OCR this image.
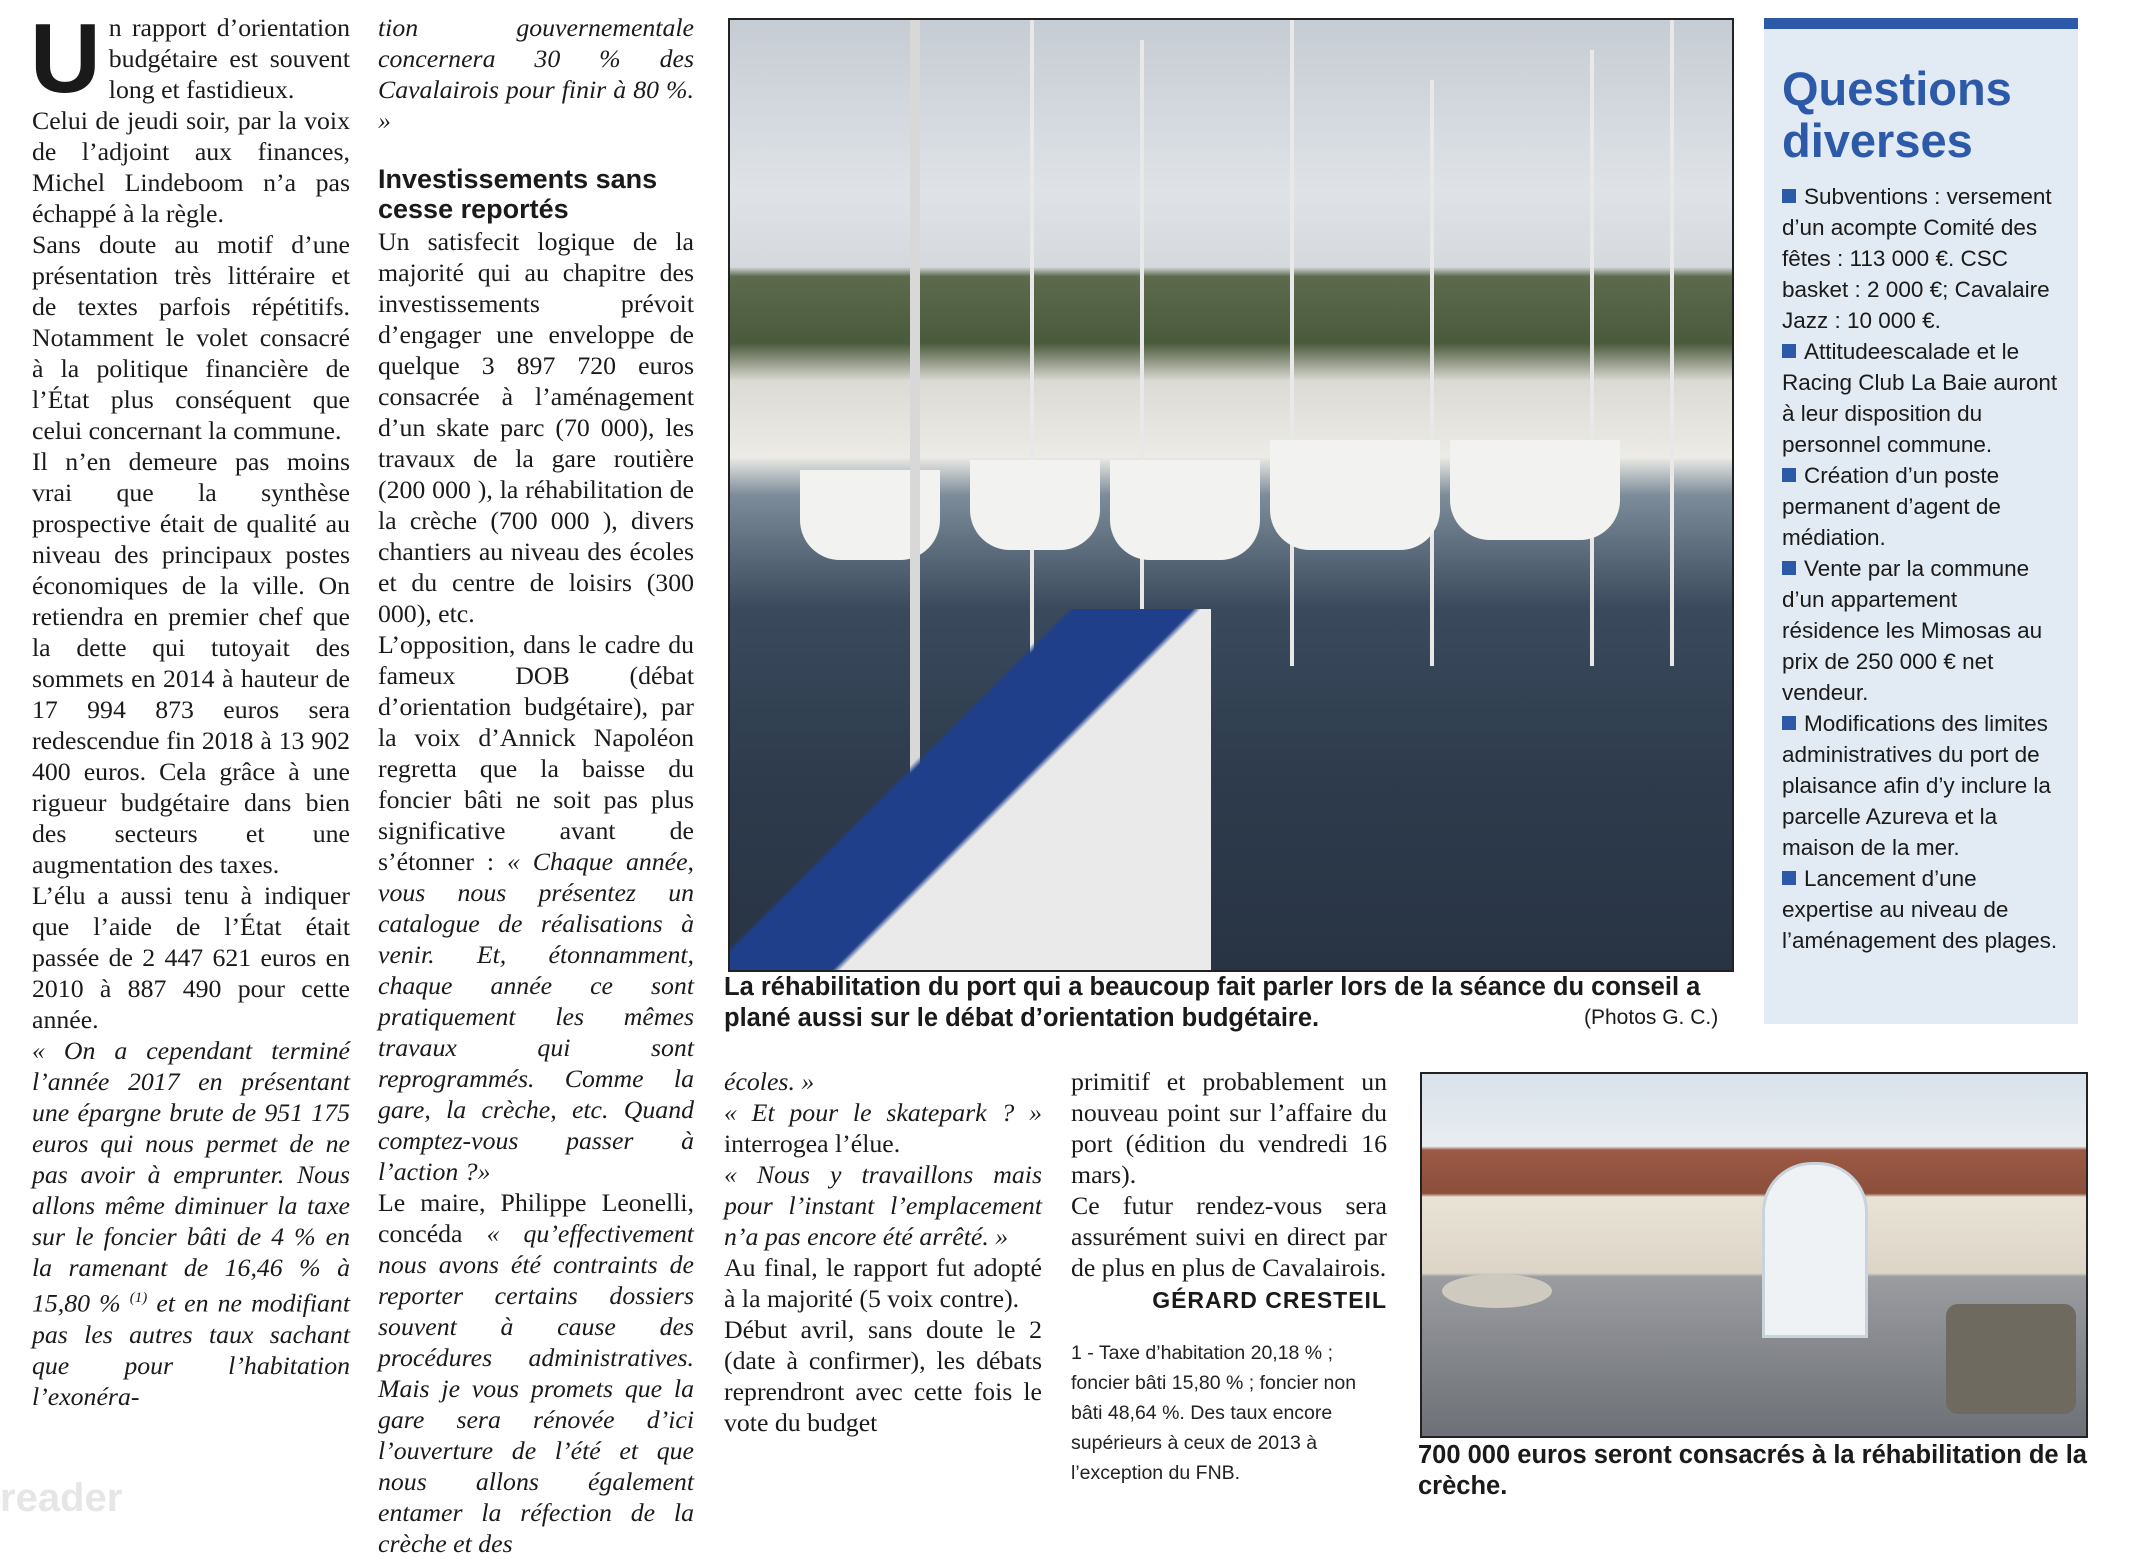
Un rapport d’orientation budgétaire est souvent long et fastidieux.

Celui de jeudi soir, par la voix de l’adjoint aux finances, Michel Lindeboom n’a pas échappé à la règle.

Sans doute au motif d’une présentation très littéraire et de textes parfois répétitifs. Notamment le volet consacré à la politique financière de l’État plus conséquent que celui concernant la commune.

Il n’en demeure pas moins vrai que la synthèse prospective était de qualité au niveau des principaux postes économiques de la ville. On retiendra en premier chef que la dette qui tutoyait des sommets en 2014 à hauteur de 17 994 873 euros sera redescendue fin 2018 à 13 902 400 euros. Cela grâce à une rigueur budgétaire dans bien des secteurs et une augmentation des taxes.

L’élu a aussi tenu à indiquer que l’aide de l’État était passée de 2 447 621 euros en 2010 à 887 490 pour cette année.

« On a cependant terminé l’année 2017 en présentant une épargne brute de 951 175 euros qui nous permet de ne pas avoir à emprunter. Nous allons même diminuer la taxe sur le foncier bâti de 4 % en la ramenant de 16,46 % à 15,80 % $^{(1)}$ et en ne modifiant pas les autres taux sachant que pour l’habitation l’exonéra-

tion gouvernementale concernera 30 % des Cavalairois pour finir à 80 %. »

Investissements sans cesse reportés

Un satisfecit logique de la majorité qui au chapitre des investissements prévoit d’engager une enveloppe de quelque 3 897 720 euros consacrée à l’aménagement d’un skate parc (70 000), les travaux de la gare routière (200 000 ), la réhabilitation de la crèche (700 000 ), divers chantiers au niveau des écoles et du centre de loisirs (300 000), etc.

L’opposition, dans le cadre du fameux DOB (débat d’orientation budgétaire), par la voix d’Annick Napoléon regretta que la baisse du foncier bâti ne soit pas plus significative avant de s’étonner : « Chaque année, vous nous présentez un catalogue de réalisations à venir. Et, étonnamment, chaque année ce sont pratiquement les mêmes travaux qui sont reprogrammés. Comme la gare, la crèche, etc. Quand comptez-vous passer à l’action ?»

Le maire, Philippe Leonelli, concéda « qu’effectivement nous avons été contraints de reporter certains dossiers souvent à cause des procédures administratives. Mais je vous promets que la gare sera rénovée d’ici l’ouverture de l’été et que nous allons également entamer la réfection de la crèche et des

La réhabilitation du port qui a beaucoup fait parler lors de la séance du conseil a plané aussi sur le débat d’orientation budgétaire.	(Photos G. C.)

écoles. »

« Et pour le skatepark ? » interrogea l’élue.

« Nous y travaillons mais pour l’instant l’emplacement n’a pas encore été arrêté. »

Au final, le rapport fut adopté à la majorité (5 voix contre).

Début avril, sans doute le 2 (date à confirmer), les débats reprendront avec cette fois le vote du budget

primitif et probablement un nouveau point sur l’affaire du port (édition du vendredi 16 mars).

Ce futur rendez-vous sera assurément suivi en direct par de plus en plus de Cavalairois.

GÉRARD CRESTEIL
1 - Taxe d’habitation 20,18 % ; foncier bâti 15,80 % ; foncier non bâti 48,64 %. Des taux encore supérieurs à ceux de 2013 à l’exception du FNB.
700 000 euros seront consacrés à la réhabilitation de la crèche.
Questions diverses

Subventions : versement d’un acompte Comité des fêtes : 113 000 €. CSC basket : 2 000 €; Cavalaire Jazz : 10 000 €.

Attitudeescalade et le Racing Club La Baie auront à leur disposition du personnel commune.

Création d’un poste permanent d’agent de médiation.

Vente par la commune d’un appartement résidence les Mimosas au prix de 250 000 € net vendeur.

Modifications des limites administratives du port de plaisance afin d’y inclure la parcelle Azureva et la maison de la mer.

Lancement d’une expertise au niveau de l’aménagement des plages.

reader
